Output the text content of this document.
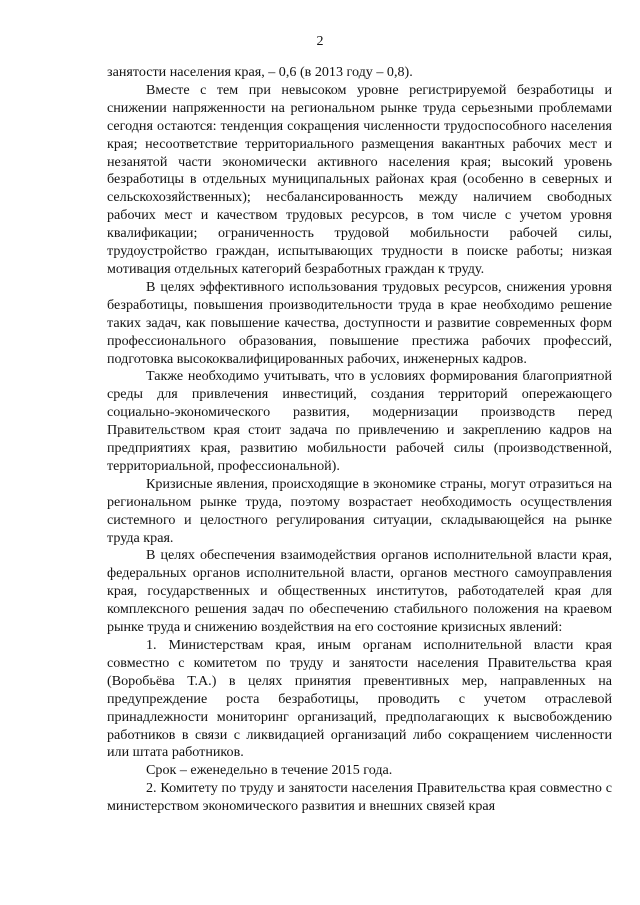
2

занятости населения края, – 0,6 (в 2013 году – 0,8).

Вместе с тем при невысоком уровне регистрируемой безработицы и снижении напряженности на региональном рынке труда серьезными проблемами сегодня остаются: тенденция сокращения численности трудоспособного населения края; несоответствие территориального размещения вакантных рабочих мест и незанятой части экономически активного населения края; высокий уровень безработицы в отдельных муниципальных районах края (особенно в северных и сельскохозяйственных); несбалансированность между наличием свободных рабочих мест и качеством трудовых ресурсов, в том числе с учетом уровня квалификации; ограниченность трудовой мобильности рабочей силы, трудоустройство граждан, испытывающих трудности в поиске работы; низкая мотивация отдельных категорий безработных граждан к труду.

В целях эффективного использования трудовых ресурсов, снижения уровня безработицы, повышения производительности труда в крае необходимо решение таких задач, как повышение качества, доступности и развитие современных форм профессионального образования, повышение престижа рабочих профессий, подготовка высококвалифицированных рабочих, инженерных кадров.

Также необходимо учитывать, что в условиях формирования благоприятной среды для привлечения инвестиций, создания территорий опережающего социально-экономического развития, модернизации производств перед Правительством края стоит задача по привлечению и закреплению кадров на предприятиях края, развитию мобильности рабочей силы (производственной, территориальной, профессиональной).

Кризисные явления, происходящие в экономике страны, могут отразиться на региональном рынке труда, поэтому возрастает необходимость осуществления системного и целостного регулирования ситуации, складывающейся на рынке труда края.

В целях обеспечения взаимодействия органов исполнительной власти края, федеральных органов исполнительной власти, органов местного самоуправления края, государственных и общественных институтов, работодателей края для комплексного решения задач по обеспечению стабильного положения на краевом рынке труда и снижению воздействия на его состояние кризисных явлений:

1. Министерствам края, иным органам исполнительной власти края совместно с комитетом по труду и занятости населения Правительства края (Воробьёва Т.А.) в целях принятия превентивных мер, направленных на предупреждение роста безработицы, проводить с учетом отраслевой принадлежности мониторинг организаций, предполагающих к высвобождению работников в связи с ликвидацией организаций либо сокращением численности или штата работников.

Срок – еженедельно в течение 2015 года.

2. Комитету по труду и занятости населения Правительства края совместно с министерством экономического развития и внешних связей края
